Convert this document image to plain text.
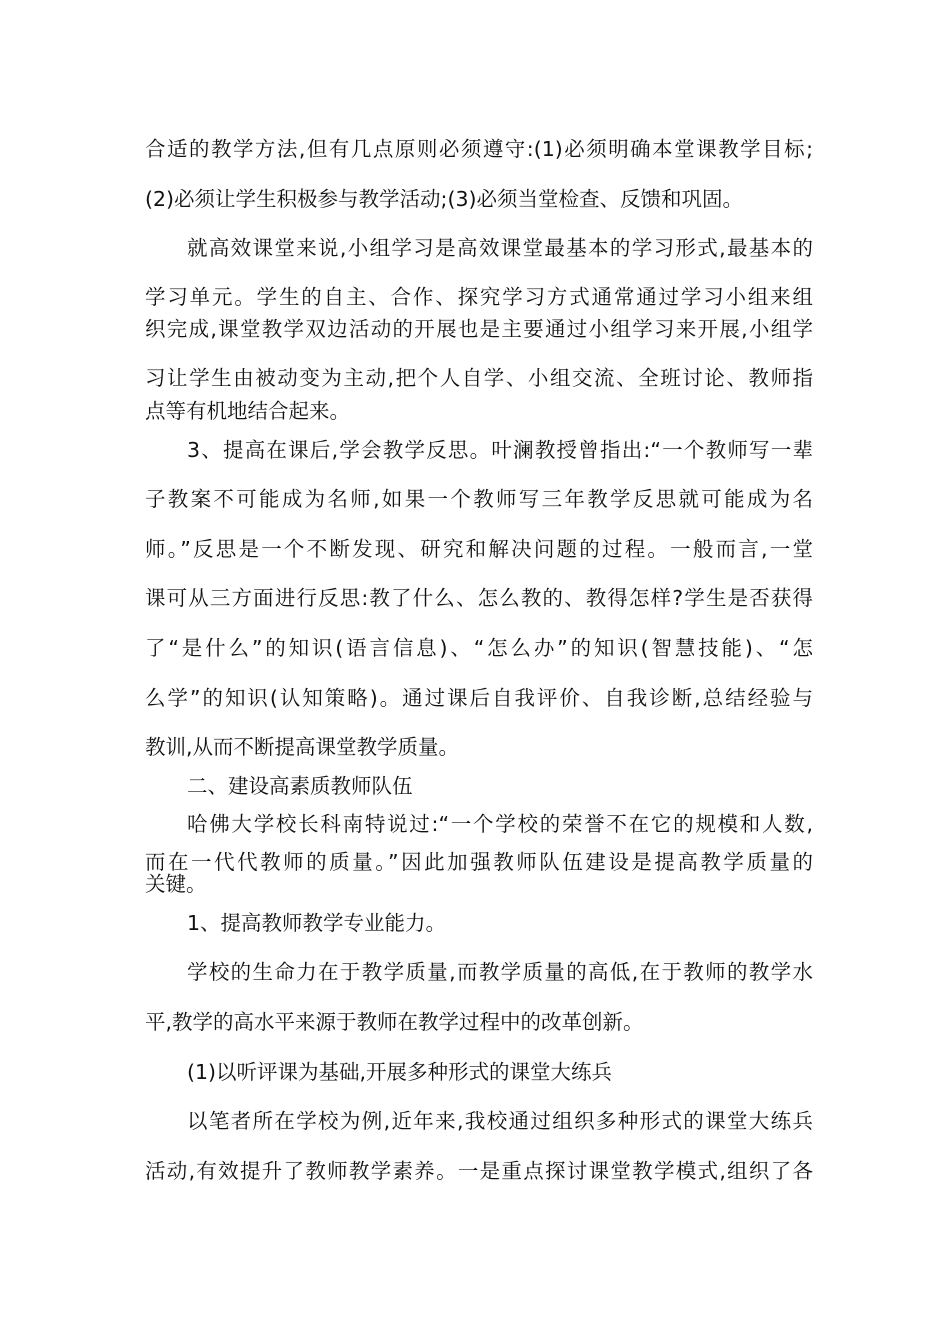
合适的教学方法,但有几点原则必须遵守:(1)必须明确本堂课教学目标;
(2)必须让学生积极参与教学活动;(3)必须当堂检查、反馈和巩固。
就高效课堂来说,小组学习是高效课堂最基本的学习形式,最基本的
学习单元。学生的自主、合作、探究学习方式通常通过学习小组来组
织完成,课堂教学双边活动的开展也是主要通过小组学习来开展,小组学
习让学生由被动变为主动,把个人自学、小组交流、全班讨论、教师指
点等有机地结合起来。
3、提高在课后,学会教学反思。叶澜教授曾指出:“一个教师写一辈
子教案不可能成为名师,如果一个教师写三年教学反思就可能成为名
师。”反思是一个不断发现、研究和解决问题的过程。一般而言,一堂
课可从三方面进行反思:教了什么、怎么教的、教得怎样?学生是否获得
了“是什么”的知识(语言信息)、“怎么办”的知识(智慧技能)、“怎
么学”的知识(认知策略)。通过课后自我评价、自我诊断,总结经验与
教训,从而不断提高课堂教学质量。
二、建设高素质教师队伍
哈佛大学校长科南特说过:“一个学校的荣誉不在它的规模和人数,
而在一代代教师的质量。”因此加强教师队伍建设是提高教学质量的
关键。
1、提高教师教学专业能力。
学校的生命力在于教学质量,而教学质量的高低,在于教师的教学水
平,教学的高水平来源于教师在教学过程中的改革创新。
(1)以听评课为基础,开展多种形式的课堂大练兵
以笔者所在学校为例,近年来,我校通过组织多种形式的课堂大练兵
活动,有效提升了教师教学素养。一是重点探讨课堂教学模式,组织了各
